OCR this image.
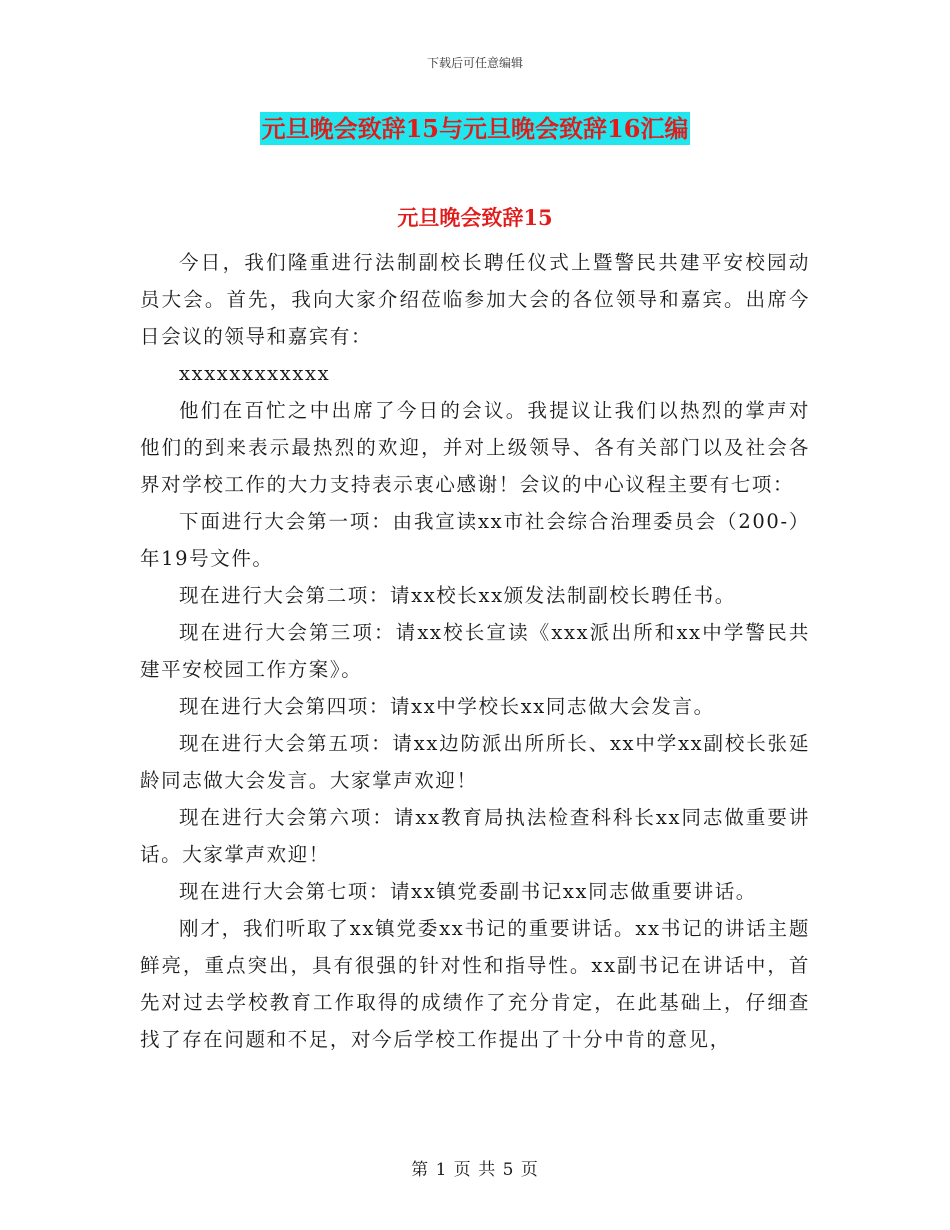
下载后可任意编辑
元旦晚会致辞15与元旦晚会致辞16汇编
元旦晚会致辞15

今日，我们隆重进行法制副校长聘任仪式上暨警民共建平安校园动员大会。首先，我向大家介绍莅临参加大会的各位领导和嘉宾。出席今日会议的领导和嘉宾有：

xxxxxxxxxxxx

他们在百忙之中出席了今日的会议。我提议让我们以热烈的掌声对他们的到来表示最热烈的欢迎，并对上级领导、各有关部门以及社会各界对学校工作的大力支持表示衷心感谢！会议的中心议程主要有七项：

下面进行大会第一项：由我宣读xx市社会综合治理委员会（200-）年19号文件。

现在进行大会第二项：请xx校长xx颁发法制副校长聘任书。

现在进行大会第三项：请xx校长宣读《xxx派出所和xx中学警民共建平安校园工作方案》。

现在进行大会第四项：请xx中学校长xx同志做大会发言。

现在进行大会第五项：请xx边防派出所所长、xx中学xx副校长张延龄同志做大会发言。大家掌声欢迎！

现在进行大会第六项：请xx教育局执法检查科科长xx同志做重要讲话。大家掌声欢迎！

现在进行大会第七项：请xx镇党委副书记xx同志做重要讲话。

刚才，我们听取了xx镇党委xx书记的重要讲话。xx书记的讲话主题鲜亮，重点突出，具有很强的针对性和指导性。xx副书记在讲话中，首先对过去学校教育工作取得的成绩作了充分肯定，在此基础上，仔细查找了存在问题和不足，对今后学校工作提出了十分中肯的意见，

第 1 页 共 5 页
